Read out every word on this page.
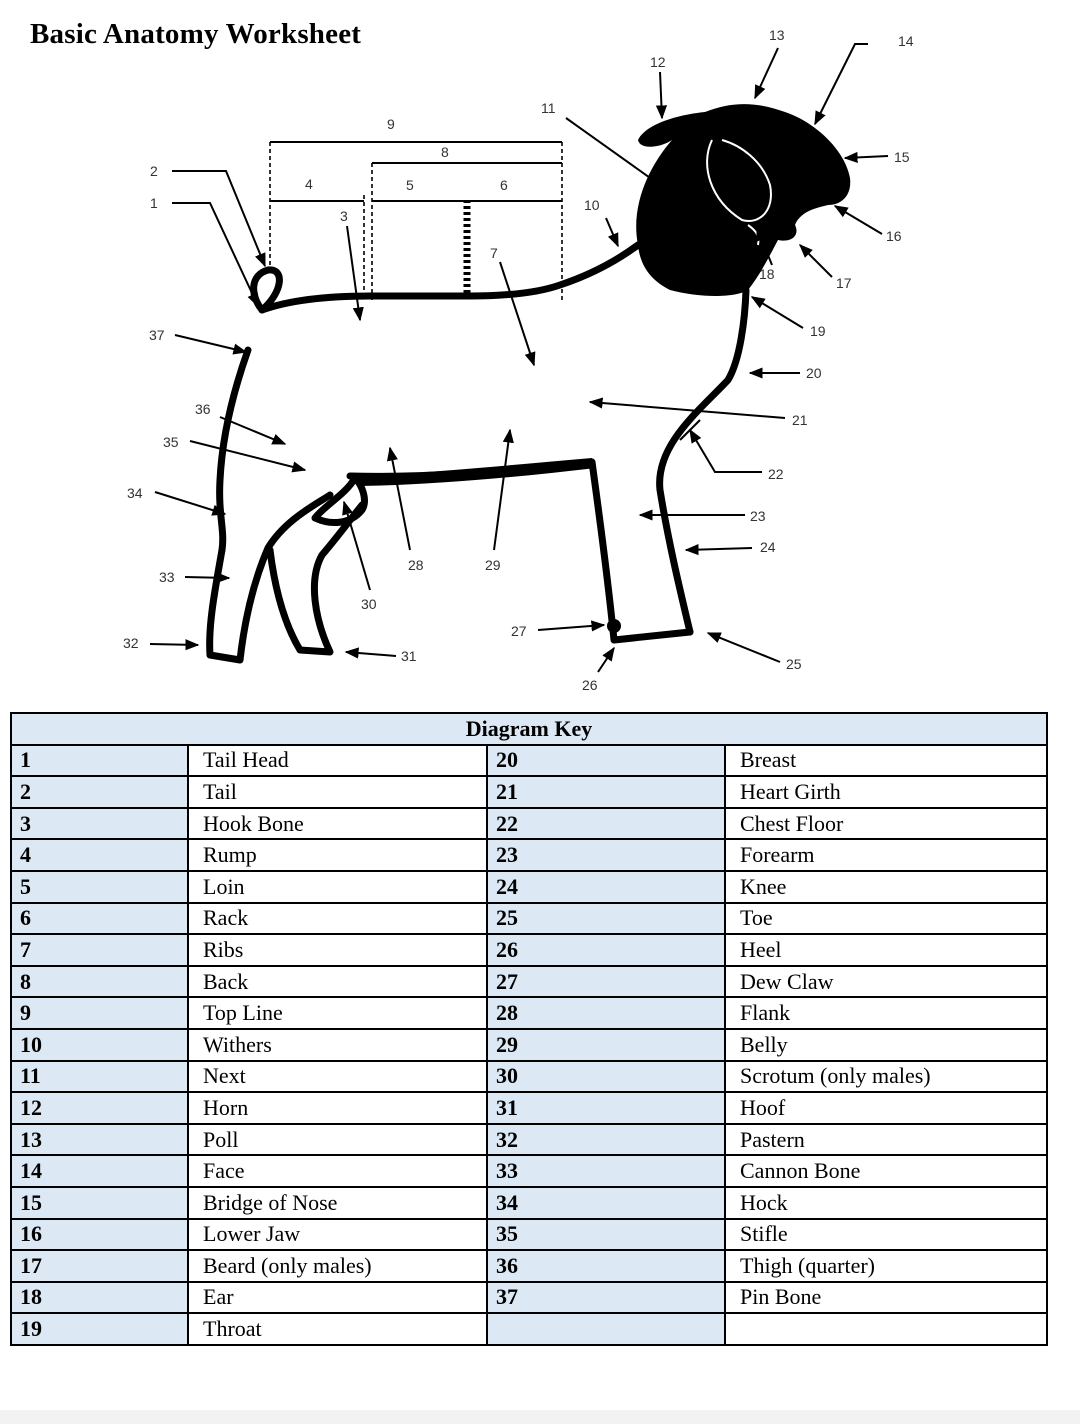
Basic Anatomy Worksheet
1
2
3
4	5	6
7
8
9
10
11
12
13	14
15
16
17
18
19
20
21
22
23
24
25
26
27
28	29
30
31
32
33
34
35
36
37
Diagram Key			
1	Tail Head	20	Breast
2	Tail	21	Heart Girth
3	Hook Bone	22	Chest Floor
4	Rump	23	Forearm
5	Loin	24	Knee
6	Rack	25	Toe
7	Ribs	26	Heel
8	Back	27	Dew Claw
9	Top Line	28	Flank
10	Withers	29	Belly
11	Next	30	Scrotum (only males)
12	Horn	31	Hoof
13	Poll	32	Pastern
14	Face	33	Cannon Bone
15	Bridge of Nose	34	Hock
16	Lower Jaw	35	Stifle
17	Beard (only males)	36	Thigh (quarter)
18	Ear	37	Pin Bone
19	Throat		
